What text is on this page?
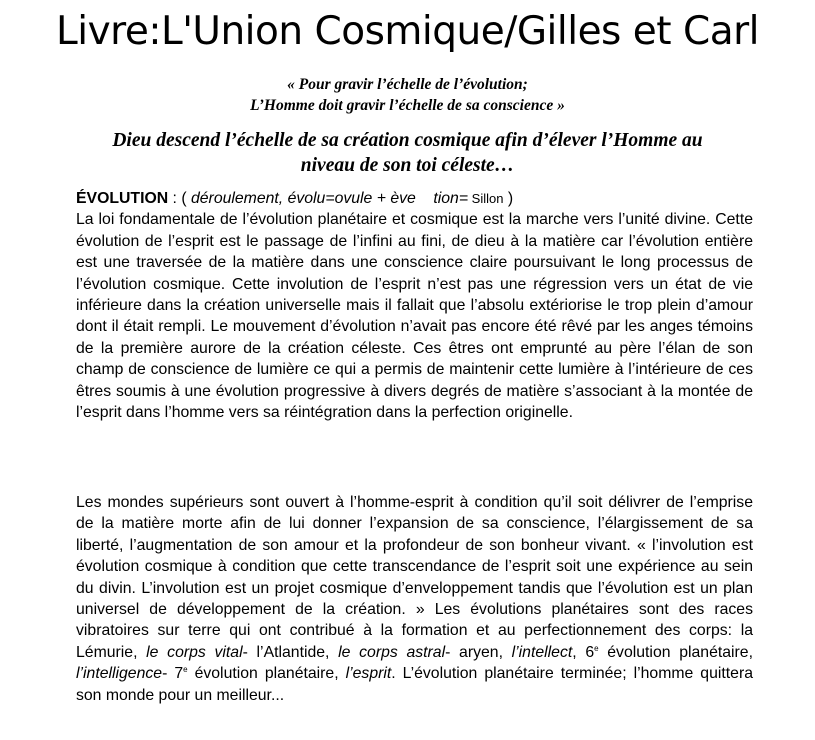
Livre:L'Union Cosmique/Gilles et Carl
« Pour gravir l’échelle de l’évolution;
L’Homme doit gravir l’échelle de sa conscience »
Dieu descend l’échelle de sa création cosmique afin d’élever l’Homme au
niveau de son toi céleste…
ÉVOLUTION : ( déroulement, évolu=ovule + ève    tion= Sillon )
La loi fondamentale de l’évolution planétaire et cosmique est la marche vers l’unité divine. Cette évolution de l’esprit est le passage de l’infini au fini, de dieu à la matière car l’évolution entière est une traversée de la matière dans une conscience claire poursuivant le long processus de l’évolution cosmique. Cette involution de l’esprit n’est pas une régression vers un état de vie inférieure dans la création universelle mais il fallait que l’absolu extériorise le trop plein d’amour dont il était rempli. Le mouvement d’évolution n’avait pas encore été rêvé par les anges témoins de la première aurore de la création céleste. Ces êtres ont emprunté au père l’élan de son champ de conscience de lumière ce qui a permis de maintenir cette lumière à l’intérieure de ces êtres soumis à une évolution progressive à divers degrés de matière s’associant à la montée de l’esprit dans l’homme vers sa réintégration dans la perfection originelle.
Les mondes supérieurs sont ouvert à l’homme-esprit à condition qu’il soit délivrer de l’emprise de la matière morte afin de lui donner l’expansion de sa conscience, l’élargissement de sa liberté, l’augmentation de son amour et la profondeur de son bonheur vivant. « l’involution est évolution cosmique à condition que cette transcendance de l’esprit soit une expérience au sein du divin. L’involution est un projet cosmique d’enveloppement tandis que l’évolution est un plan universel de développement de la création. » Les évolutions planétaires sont des races vibratoires sur terre qui ont contribué à la formation et au perfectionnement des corps: la Lémurie, le corps vital- l’Atlantide, le corps astral- aryen, l’intellect, 6e évolution planétaire, l’intelligence- 7e évolution planétaire, l’esprit. L’évolution planétaire terminée; l’homme quittera son monde pour un meilleur...
